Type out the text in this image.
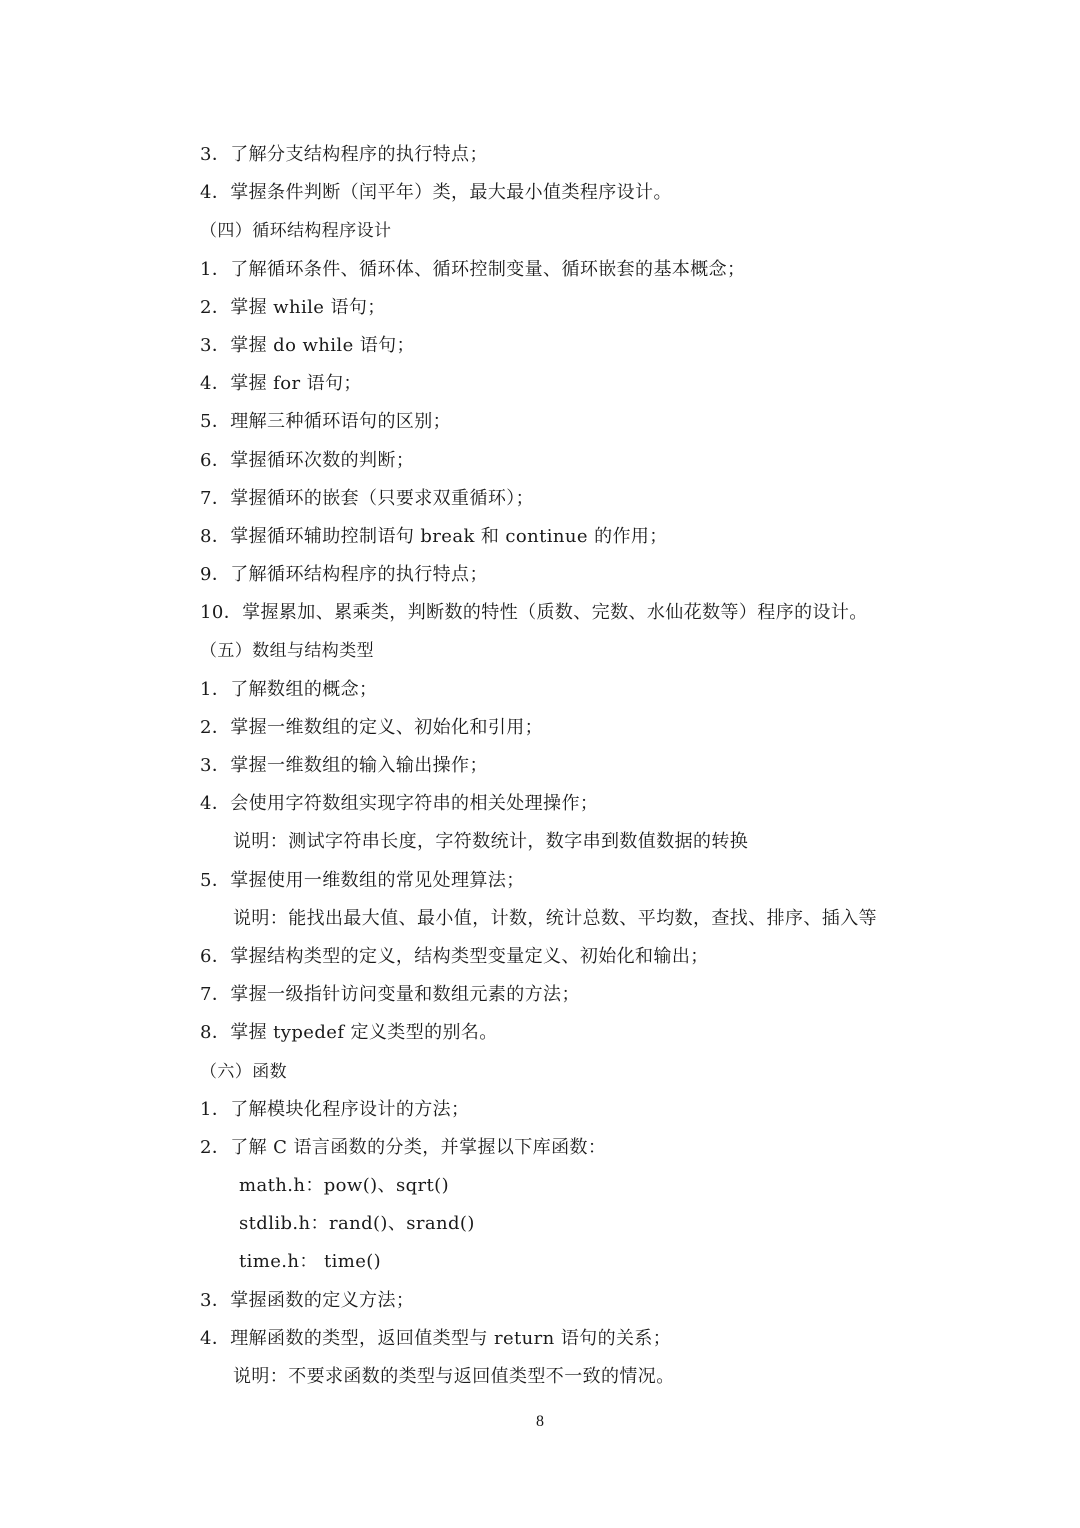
3．了解分支结构程序的执行特点；
4．掌握条件判断（闰平年）类，最大最小值类程序设计。
（四）循环结构程序设计
1．了解循环条件、循环体、循环控制变量、循环嵌套的基本概念；
2．掌握 while 语句；
3．掌握 do while 语句；
4．掌握 for 语句；
5．理解三种循环语句的区别；
6．掌握循环次数的判断；
7．掌握循环的嵌套（只要求双重循环）；
8．掌握循环辅助控制语句 break 和 continue 的作用；
9．了解循环结构程序的执行特点；
10．掌握累加、累乘类，判断数的特性（质数、完数、水仙花数等）程序的设计。
（五）数组与结构类型
1．了解数组的概念；
2．掌握一维数组的定义、初始化和引用；
3．掌握一维数组的输入输出操作；
4．会使用字符数组实现字符串的相关处理操作；
说明：测试字符串长度，字符数统计，数字串到数值数据的转换
5．掌握使用一维数组的常见处理算法；
说明：能找出最大值、最小值，计数，统计总数、平均数，查找、排序、插入等
6．掌握结构类型的定义，结构类型变量定义、初始化和输出；
7．掌握一级指针访问变量和数组元素的方法；
8．掌握 typedef 定义类型的别名。
（六）函数
1．了解模块化程序设计的方法；
2．了解 C 语言函数的分类，并掌握以下库函数：
math.h：pow()、sqrt()
stdlib.h：rand()、srand()
time.h： time()
3．掌握函数的定义方法；
4．理解函数的类型，返回值类型与 return 语句的关系；
说明：不要求函数的类型与返回值类型不一致的情况。
8
